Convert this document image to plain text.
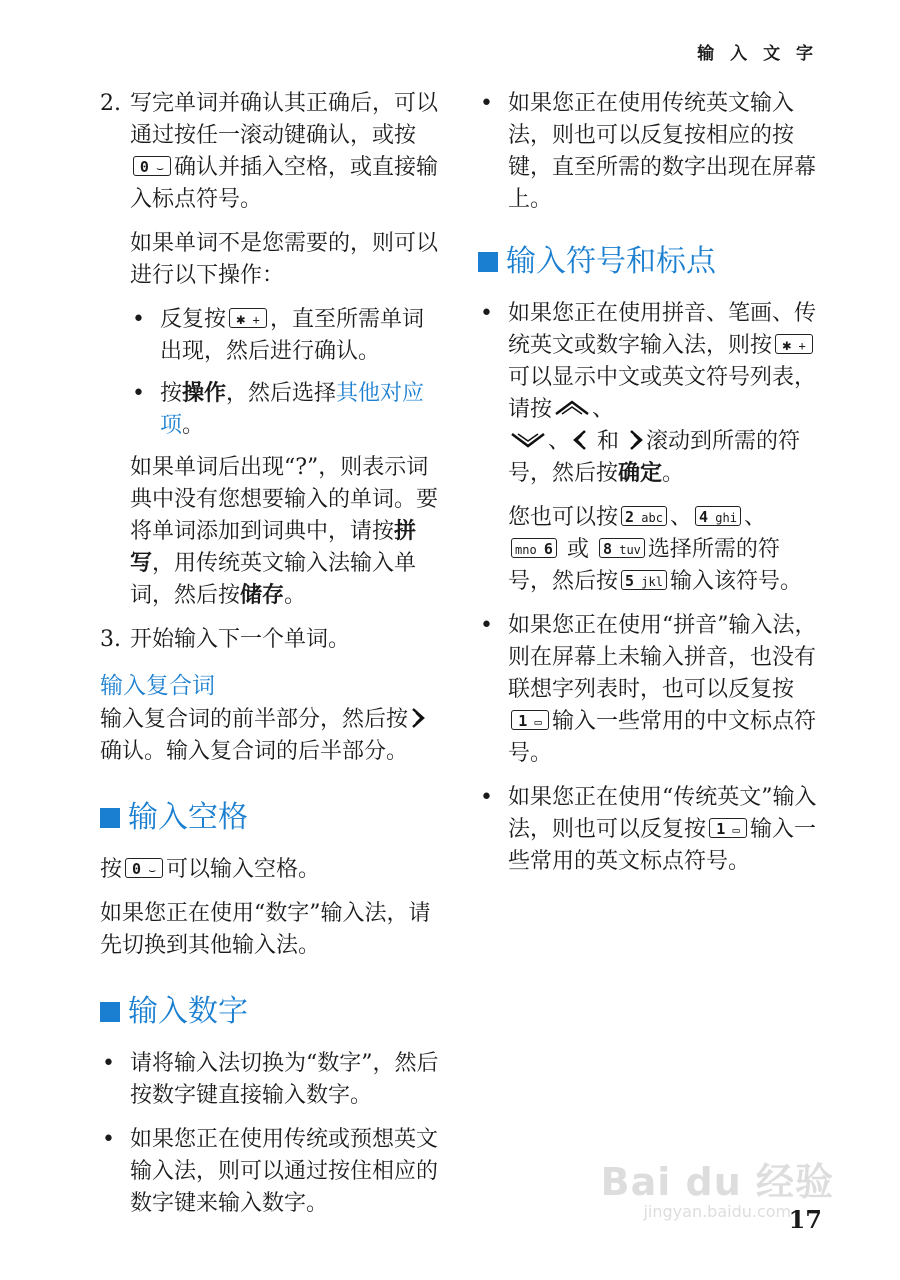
输 入 文 字
2. 写完单词并确认其正确后，可以通过按任一滚动键确认，或按0 ⌣ 确认并插入空格，或直接输入标点符号。

如果单词不是您需要的，则可以进行以下操作：

• 反复按 ✱ + ，直至所需单词出现，然后进行确认。
• 按操作，然后选择其他对应项。

如果单词后出现“?”，则表示词典中没有您想要输入的单词。要将单词添加到词典中，请按拼写，用传统英文输入法输入单词，然后按储存。

3. 开始输入下一个单词。
输入复合词

输入复合词的前半部分，然后按确认。输入复合词的后半部分。

输入空格

按 0 ⌣ 可以输入空格。

如果您正在使用“数字”输入法，请先切换到其他输入法。

输入数字
• 请将输入法切换为“数字”，然后按数字键直接输入数字。
• 如果您正在使用传统或预想英文输入法，则可以通过按住相应的数字键来输入数字。
• 如果您正在使用传统英文输入法，则也可以反复按相应的按键，直至所需的数字出现在屏幕上。
输入符号和标点
• 如果您正在使用拼音、笔画、传统英文或数字输入法，则按 ✱ +可以显示中文或英文符号列表，请按 、
、 和 滚动到所需的符号，然后按确定。

您也可以按 2 abc 、 4 ghi 、
mno 6 或 8 tuv 选择所需的符号，然后按 5 jkl 输入该符号。

• 如果您正在使用“拼音”输入法，则在屏幕上未输入拼音，也没有联想字列表时，也可以反复按1 ▭ 输入一些常用的中文标点符号。
• 如果您正在使用“传统英文”输入法，则也可以反复按 1 ▭ 输入一些常用的英文标点符号。
Bai du 经验
jingyan.baidu.com
17
